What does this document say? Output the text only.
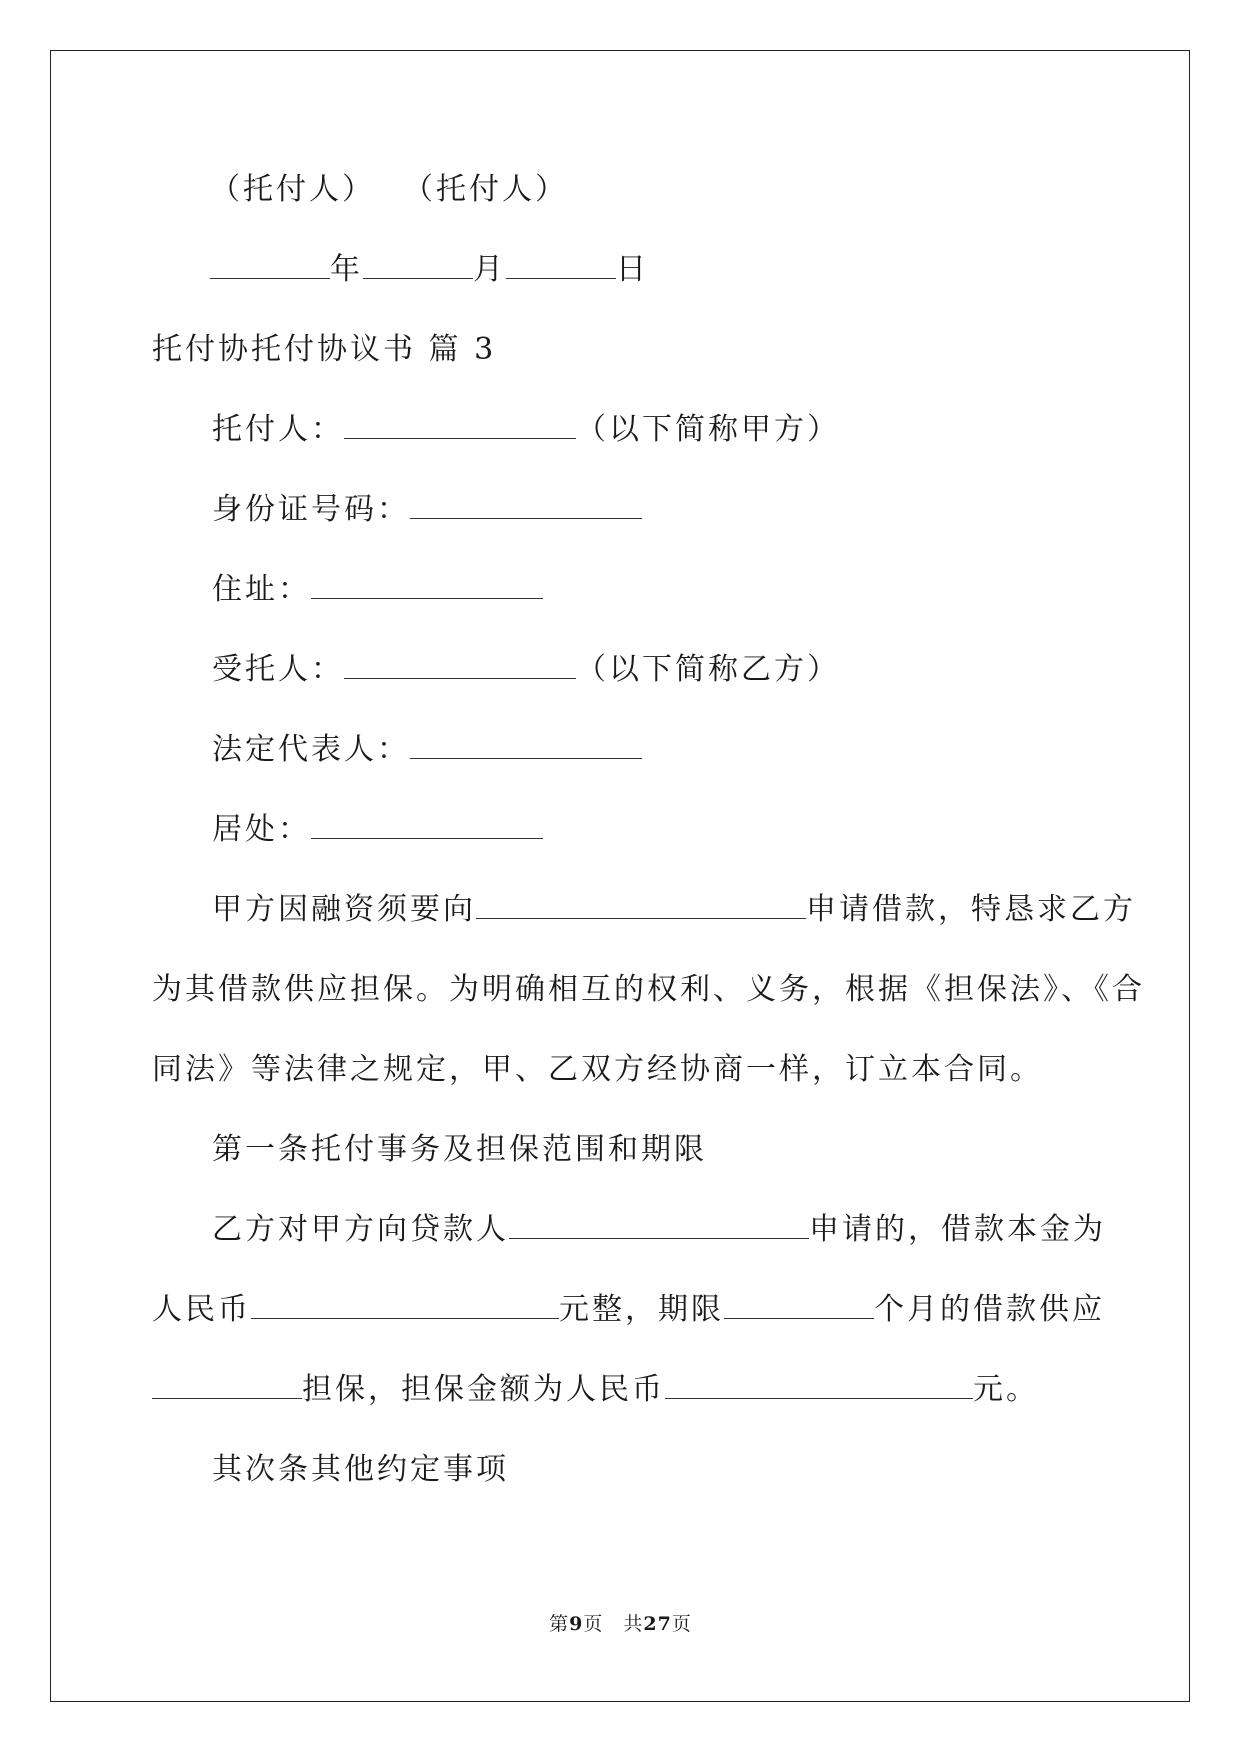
（托付人） （托付人）
年	月	日
托付协托付协议书 篇 3
托付人：	（以下简称甲方）
身份证号码：
住址：
受托人：	（以下简称乙方）
法定代表人：
居处：
甲方因融资须要向	申请借款，特恳求乙方
为其借款供应担保。为明确相互的权利、义务，根据《担保法》、《合
同法》等法律之规定，甲、乙双方经协商一样，订立本合同。
第一条托付事务及担保范围和期限
乙方对甲方向贷款人	申请的，借款本金为
人民币	元整，期限	个月的借款供应
担保，担保金额为人民币	元。
其次条其他约定事项
第9页　共27页
